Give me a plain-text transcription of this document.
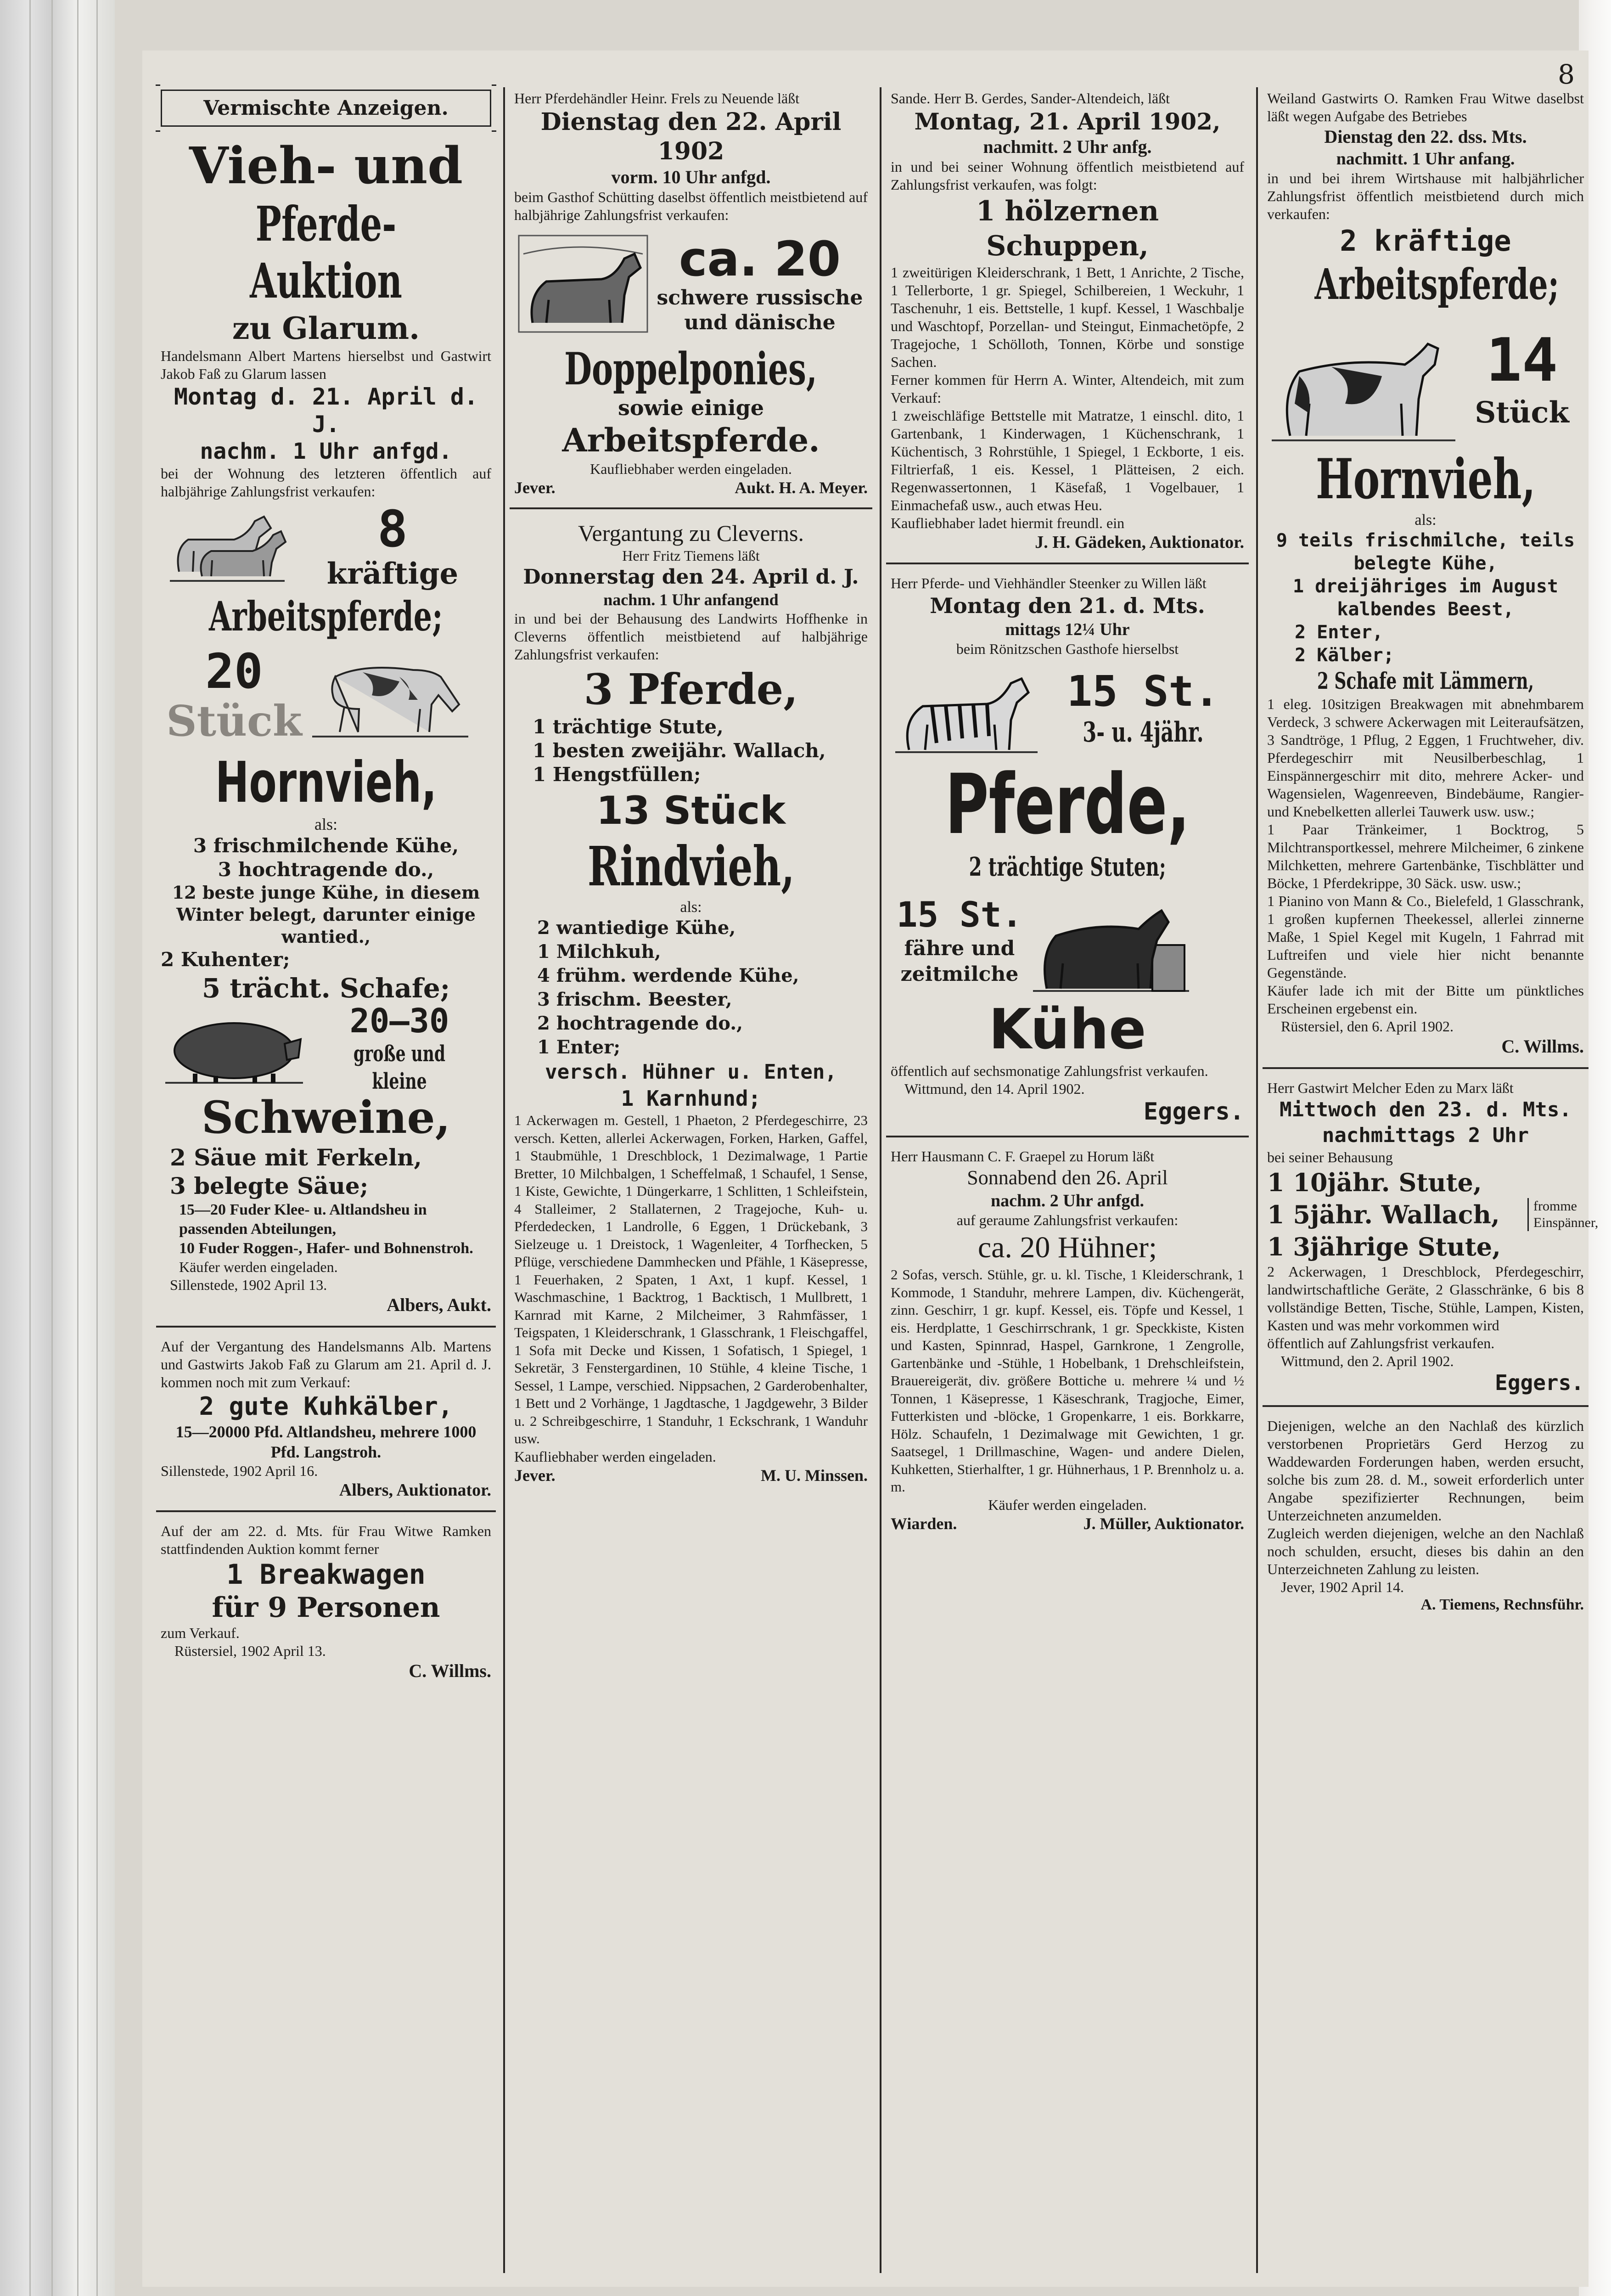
8
Vermischte Anzeigen.
Vieh- und
Pferde-Auktion
zu Glarum.
Handelsmann Albert Martens hierselbst und Gastwirt Jakob Faß zu Glarum lassen
Montag d. 21. April d. J.
nachm. 1 Uhr anfgd.
bei der Wohnung des letzteren öffentlich auf halbjährige Zahlungsfrist verkaufen:
8
kräftige
Arbeitspferde;
20
Stück
Hornvieh,
als:
3 frischmilchende Kühe,
3 hochtragende do.,
12 beste junge Kühe, in diesem Winter belegt, darunter einige wantied.,
2 Kuhenter;
5 trächt. Schafe;
20—30
große und kleine
Schweine,
2 Säue mit Ferkeln,
3 belegte Säue;
15—20 Fuder Klee- u. Altlandsheu in passenden Abteilungen,
10 Fuder Roggen-, Hafer- und Bohnenstroh.
Käufer werden eingeladen.
Sillenstede, 1902 April 13.
Albers, Aukt.
Auf der Vergantung des Handelsmanns Alb. Martens und Gastwirts Jakob Faß zu Glarum am 21. April d. J. kommen noch mit zum Verkauf:
2 gute Kuhkälber,
15—20000 Pfd. Altlandsheu, mehrere 1000 Pfd. Langstroh.
Sillenstede, 1902 April 16.
Albers, Auktionator.
Auf der am 22. d. Mts. für Frau Witwe Ramken stattfindenden Auktion kommt ferner
1 Breakwagen
für 9 Personen
zum Verkauf.
Rüstersiel, 1902 April 13.
C. Willms.
Herr Pferdehändler Heinr. Frels zu Neuende läßt
Dienstag den 22. April 1902
vorm. 10 Uhr anfgd.
beim Gasthof Schütting daselbst öffentlich meistbietend auf halbjährige Zahlungsfrist verkaufen:
ca. 20
schwere russische
und dänische
Doppelponies,
sowie einige
Arbeitspferde.
Kaufliebhaber werden eingeladen.
Jever.	Aukt. H. A. Meyer.
Vergantung zu Cleverns.
Herr Fritz Tiemens läßt
Donnerstag den 24. April d. J.
nachm. 1 Uhr anfangend
in und bei der Behausung des Landwirts Hoffhenke in Cleverns öffentlich meistbietend auf halbjährige Zahlungsfrist verkaufen:
3 Pferde,
1 trächtige Stute,
1 besten zweijähr. Wallach,
1 Hengstfüllen;
13 Stück
Rindvieh,
als:
2 wantiedige Kühe,
1 Milchkuh,
4 frühm. werdende Kühe,
3 frischm. Beester,
2 hochtragende do.,
1 Enter;
versch. Hühner u. Enten,
1 Karnhund;
1 Ackerwagen m. Gestell, 1 Phaeton, 2 Pferdegeschirre, 23 versch. Ketten, allerlei Ackerwagen, Forken, Harken, Gaffel, 1 Staubmühle, 1 Dreschblock, 1 Dezimalwage, 1 Partie Bretter, 10 Milchbalgen, 1 Scheffelmaß, 1 Schaufel, 1 Sense, 1 Kiste, Gewichte, 1 Düngerkarre, 1 Schlitten, 1 Schleifstein, 4 Stalleimer, 2 Stallaternen, 2 Tragejoche, Kuh- u. Pferdedecken, 1 Landrolle, 6 Eggen, 1 Drückebank, 3 Sielzeuge u. 1 Dreistock, 1 Wagenleiter, 4 Torfhecken, 5 Pflüge, verschiedene Dammhecken und Pfähle, 1 Käsepresse, 1 Feuerhaken, 2 Spaten, 1 Axt, 1 kupf. Kessel, 1 Waschmaschine, 1 Backtrog, 1 Backtisch, 1 Mullbrett, 1 Karnrad mit Karne, 2 Milcheimer, 3 Rahmfässer, 1 Teigspaten, 1 Kleiderschrank, 1 Glasschrank, 1 Fleischgaffel, 1 Sofa mit Decke und Kissen, 1 Sofatisch, 1 Spiegel, 1 Sekretär, 3 Fenstergardinen, 10 Stühle, 4 kleine Tische, 1 Sessel, 1 Lampe, verschied. Nippsachen, 2 Garderobenhalter, 1 Bett und 2 Vorhänge, 1 Jagdtasche, 1 Jagdgewehr, 3 Bilder u. 2 Schreibgeschirre, 1 Standuhr, 1 Eckschrank, 1 Wanduhr usw.
Kaufliebhaber werden eingeladen.
Jever.	M. U. Minssen.
Sande. Herr B. Gerdes, Sander-Altendeich, läßt
Montag, 21. April 1902,
nachmitt. 2 Uhr anfg.
in und bei seiner Wohnung öffentlich meistbietend auf Zahlungsfrist verkaufen, was folgt:
1 hölzernen Schuppen,
1 zweitürigen Kleiderschrank, 1 Bett, 1 Anrichte, 2 Tische, 1 Tellerborte, 1 gr. Spiegel, Schilbereien, 1 Weckuhr, 1 Taschenuhr, 1 eis. Bettstelle, 1 kupf. Kessel, 1 Waschbalje und Waschtopf, Porzellan- und Steingut, Einmachetöpfe, 2 Tragejoche, 1 Schölloth, Tonnen, Körbe und sonstige Sachen.
Ferner kommen für Herrn A. Winter, Altendeich, mit zum Verkauf:
1 zweischläfige Bettstelle mit Matratze, 1 einschl. dito, 1 Gartenbank, 1 Kinderwagen, 1 Küchenschrank, 1 Küchentisch, 3 Rohrstühle, 1 Spiegel, 1 Eckborte, 1 eis. Filtrierfaß, 1 eis. Kessel, 1 Plätteisen, 2 eich. Regenwassertonnen, 1 Käsefaß, 1 Vogelbauer, 1 Einmachefaß usw., auch etwas Heu.
Kaufliebhaber ladet hiermit freundl. ein
J. H. Gädeken, Auktionator.
Herr Pferde- und Viehhändler Steenker zu Willen läßt
Montag den 21. d. Mts.
mittags 12¼ Uhr
beim Rönitzschen Gasthofe hierselbst
15 St.
3- u. 4jähr.
Pferde,
2 trächtige Stuten;
15 St.
fähre und
zeitmilche
Kühe
öffentlich auf sechsmonatige Zahlungsfrist verkaufen.
Wittmund, den 14. April 1902.
Eggers.
Herr Hausmann C. F. Graepel zu Horum läßt
Sonnabend den 26. April
nachm. 2 Uhr anfgd.
auf geraume Zahlungsfrist verkaufen:
ca. 20 Hühner;
2 Sofas, versch. Stühle, gr. u. kl. Tische, 1 Kleiderschrank, 1 Kommode, 1 Standuhr, mehrere Lampen, div. Küchengerät, zinn. Geschirr, 1 gr. kupf. Kessel, eis. Töpfe und Kessel, 1 eis. Herdplatte, 1 Geschirrschrank, 1 gr. Speckkiste, Kisten und Kasten, Spinnrad, Haspel, Garnkrone, 1 Zengrolle, Gartenbänke und -Stühle, 1 Hobelbank, 1 Drehschleifstein, Brauereigerät, div. größere Bottiche u. mehrere ¼ und ½ Tonnen, 1 Käsepresse, 1 Käseschrank, Tragjoche, Eimer, Futterkisten und -blöcke, 1 Gropenkarre, 1 eis. Borkkarre, Hölz. Schaufeln, 1 Dezimalwage mit Gewichten, 1 gr. Saatsegel, 1 Drillmaschine, Wagen- und andere Dielen, Kuhketten, Stierhalfter, 1 gr. Hühnerhaus, 1 P. Brennholz u. a. m.
Käufer werden eingeladen.
Wiarden.	J. Müller, Auktionator.
Weiland Gastwirts O. Ramken Frau Witwe daselbst läßt wegen Aufgabe des Betriebes
Dienstag den 22. dss. Mts.
nachmitt. 1 Uhr anfang.
in und bei ihrem Wirtshause mit halbjährlicher Zahlungsfrist öffentlich meistbietend durch mich verkaufen:
2 kräftige
Arbeitspferde;
14
Stück
Hornvieh,
als:
9 teils frischmilche, teils belegte Kühe,
1 dreijähriges im August kalbendes Beest,
2 Enter,
2 Kälber;
2 Schafe mit Lämmern,
1 eleg. 10sitzigen Breakwagen mit abnehmbarem Verdeck, 3 schwere Ackerwagen mit Leiteraufsätzen, 3 Sandtröge, 1 Pflug, 2 Eggen, 1 Fruchtweher, div. Pferdegeschirr mit Neusilberbeschlag, 1 Einspännergeschirr mit dito, mehrere Acker- und Wagensielen, Wagenreeven, Bindebäume, Rangier- und Knebelketten allerlei Tauwerk usw. usw.;
1 Paar Tränkeimer, 1 Bocktrog, 5 Milchtransportkessel, mehrere Milcheimer, 6 zinkene Milchketten, mehrere Gartenbänke, Tischblätter und Böcke, 1 Pferdekrippe, 30 Säck. usw. usw.;
1 Pianino von Mann & Co., Bielefeld, 1 Glasschrank, 1 großen kupfernen Theekessel, allerlei zinnerne Maße, 1 Spiel Kegel mit Kugeln, 1 Fahrrad mit Luftreifen und viele hier nicht benannte Gegenstände.
Käufer lade ich mit der Bitte um pünktliches Erscheinen ergebenst ein.
Rüstersiel, den 6. April 1902.
C. Willms.
Herr Gastwirt Melcher Eden zu Marx läßt
Mittwoch den 23. d. Mts.
nachmittags 2 Uhr
bei seiner Behausung
1 10jähr. Stute,
1 5jähr. Wallach,
1 3jährige Stute,
fromme Einspänner,
2 Ackerwagen, 1 Dreschblock, Pferdegeschirr, landwirtschaftliche Geräte, 2 Glasschränke, 6 bis 8 vollständige Betten, Tische, Stühle, Lampen, Kisten, Kasten und was mehr vorkommen wird
öffentlich auf Zahlungsfrist verkaufen.
Wittmund, den 2. April 1902.
Eggers.
Diejenigen, welche an den Nachlaß des kürzlich verstorbenen Proprietärs Gerd Herzog zu Waddewarden Forderungen haben, werden ersucht, solche bis zum 28. d. M., soweit erforderlich unter Angabe spezifizierter Rechnungen, beim Unterzeichneten anzumelden.
Zugleich werden diejenigen, welche an den Nachlaß noch schulden, ersucht, dieses bis dahin an den Unterzeichneten Zahlung zu leisten.
Jever, 1902 April 14.
A. Tiemens, Rechnsführ.
